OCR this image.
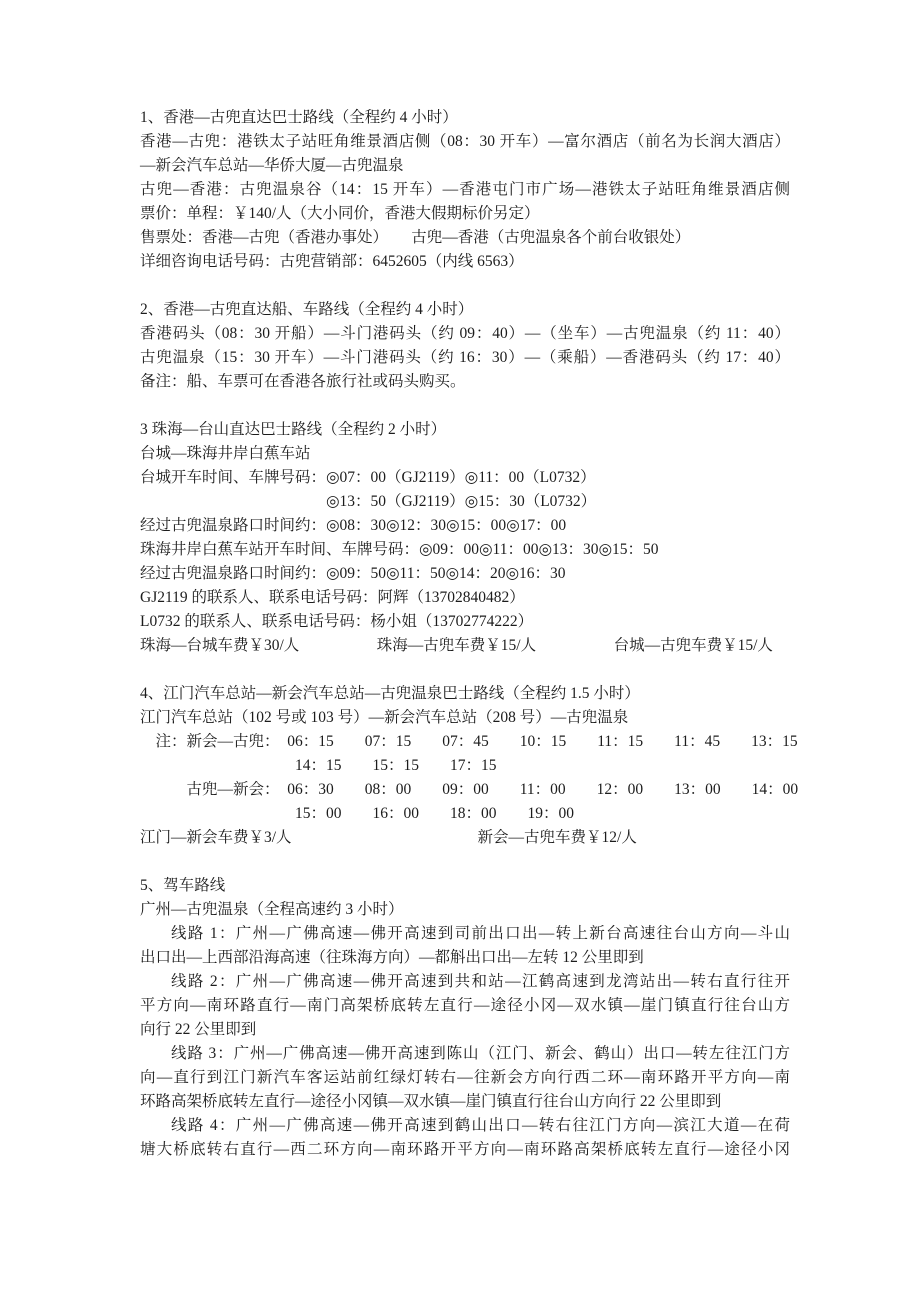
1、香港—古兜直达巴士路线（全程约 4 小时）
香港—古兜：港铁太子站旺角维景酒店侧（08：30 开车）—富尔酒店（前名为长润大酒店）
—新会汽车总站—华侨大厦—古兜温泉
古兜—香港：古兜温泉谷（14：15 开车）—香港屯门市广场—港铁太子站旺角维景酒店侧
票价：单程：￥140/人（大小同价，香港大假期标价另定）
售票处：香港—古兜（香港办事处）　　古兜—香港（古兜温泉各个前台收银处）
详细咨询电话号码：古兜营销部：6452605（内线 6563）
2、香港—古兜直达船、车路线（全程约 4 小时）
香港码头（08：30 开船）—斗门港码头（约 09：40）—（坐车）—古兜温泉（约 11：40）
古兜温泉（15：30 开车）—斗门港码头（约 16：30）—（乘船）—香港码头（约 17：40）
备注：船、车票可在香港各旅行社或码头购买。
3 珠海—台山直达巴士路线（全程约 2 小时）
台城—珠海井岸白蕉车站
台城开车时间、车牌号码：◎07：00（GJ2119）◎11：00（L0732）
　　　　　　　　　　　　◎13：50（GJ2119）◎15：30（L0732）
经过古兜温泉路口时间约：◎08：30◎12：30◎15：00◎17：00
珠海井岸白蕉车站开车时间、车牌号码：◎09：00◎11：00◎13：30◎15：50
经过古兜温泉路口时间约：◎09：50◎11：50◎14：20◎16：30
GJ2119 的联系人、联系电话号码：阿辉（13702840482）
L0732 的联系人、联系电话号码：杨小姐（13702774222）
珠海—台城车费￥30/人　　　　　珠海—古兜车费￥15/人　　　　　台城—古兜车费￥15/人
4、江门汽车总站—新会汽车总站—古兜温泉巴士路线（全程约 1.5 小时）
江门汽车总站（102 号或 103 号）—新会汽车总站（208 号）—古兜温泉
　注：新会—古兜：　06：15　　07：15　　07：45　　10：15　　11：15　　11：45　　13：15
　　　　　　　　　　14：15　　15：15　　17：15
　　　古兜—新会：　06：30　　08：00　　09：00　　11：00　　12：00　　13：00　　14：00
　　　　　　　　　　15：00　　16：00　　18：00　　19：00
江门—新会车费￥3/人　　　　　　　　　　　　新会—古兜车费￥12/人
5、驾车路线
广州—古兜温泉（全程高速约 3 小时）
线路 1：广州—广佛高速—佛开高速到司前出口出—转上新台高速往台山方向—斗山
出口出—上西部沿海高速（往珠海方向）—都斛出口出—左转 12 公里即到
线路 2：广州—广佛高速—佛开高速到共和站—江鹤高速到龙湾站出—转右直行往开
平方向—南环路直行—南门高架桥底转左直行—途径小冈—双水镇—崖门镇直行往台山方
向行 22 公里即到
线路 3：广州—广佛高速—佛开高速到陈山（江门、新会、鹤山）出口—转左往江门方
向—直行到江门新汽车客运站前红绿灯转右—往新会方向行西二环—南环路开平方向—南
环路高架桥底转左直行—途径小冈镇—双水镇—崖门镇直行往台山方向行 22 公里即到
线路 4：广州—广佛高速—佛开高速到鹤山出口—转右往江门方向—滨江大道—在荷
塘大桥底转右直行—西二环方向—南环路开平方向—南环路高架桥底转左直行—途径小冈
